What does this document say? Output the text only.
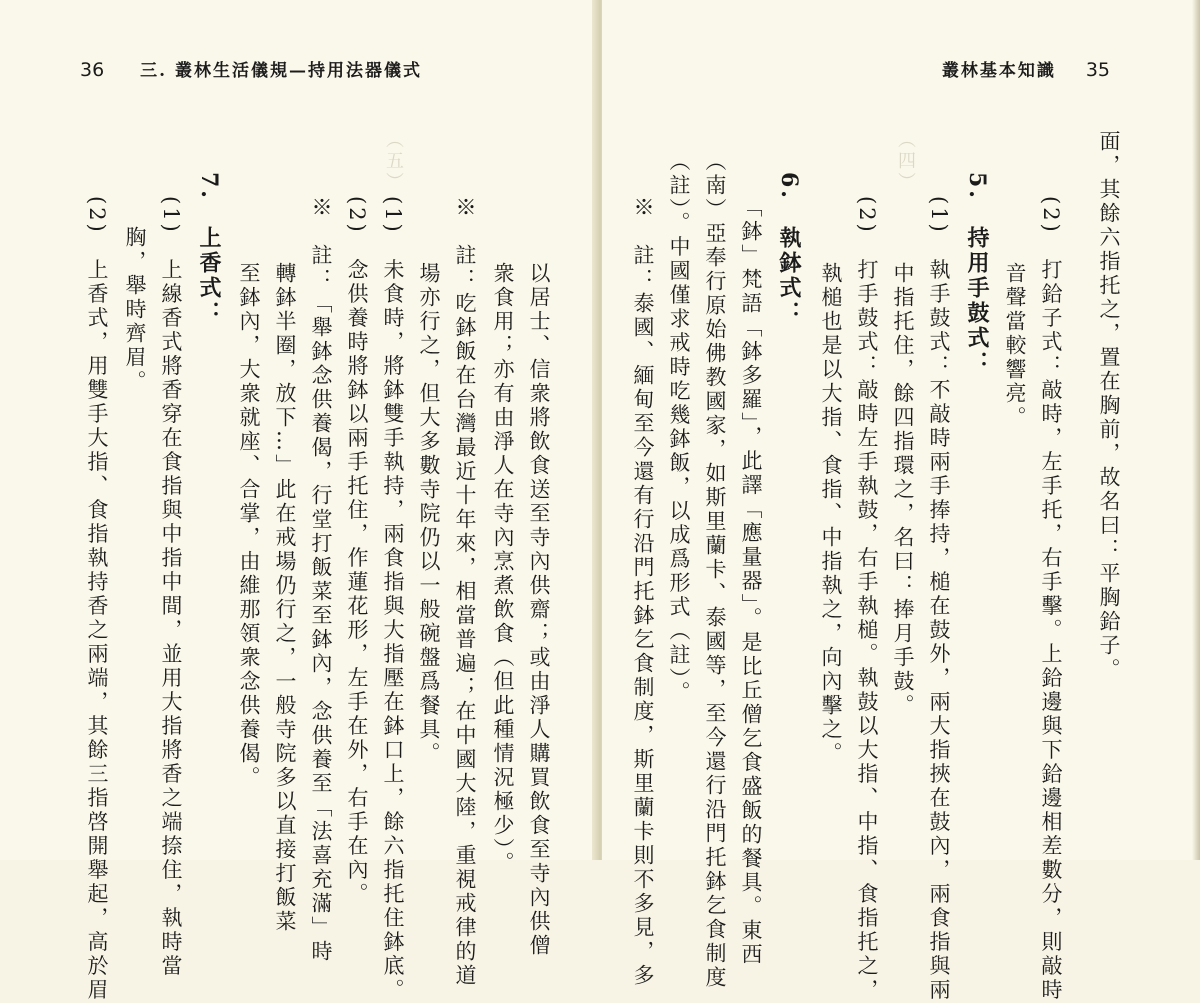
36 三. 叢林生活儀規—持用法器儀式
（五）
以居士、信衆將飲食送至寺內供齋；或由淨人購買飲食至寺內供僧
衆食用；亦有由淨人在寺內烹煮飲食（但此種情況極少）。
※　註：吃鉢飯在台灣最近十年來，相當普遍；在中國大陸，重視戒律的道
場亦行之，但大多數寺院仍以一般碗盤爲餐具。
(1)　未食時，將鉢雙手執持，兩食指與大指壓在鉢口上，餘六指托住鉢底。
(2)　念供養時將鉢以兩手托住，作蓮花形，左手在外，右手在內。
※　註：「舉鉢念供養偈，行堂打飯菜至鉢內，念供養至「法喜充滿」時
轉鉢半圈，放下…」此在戒場仍行之，一般寺院多以直接打飯菜
至鉢內，大衆就座、合掌，由維那領衆念供養偈。
7.　上香式：
(1)　上線香式將香穿在食指與中指中間，並用大指將香之端捺住，執時當
胸，舉時齊眉。
(2)　上香式，用雙手大指、食指執持香之兩端，其餘三指啓開舉起，高於眉
叢林基本知識 35
（四）	面，其餘六指托之，置在胸前，故名曰：平胸鉿子。
(2)　打鉿子式：敲時，左手托，右手擊。上鉿邊與下鉿邊相差數分，則敲時
音聲當較響亮。
5.　持用手鼓式：
(1)　執手鼓式：不敲時兩手捧持，槌在鼓外，兩大指挾在鼓內，兩食指與兩
中指托住，餘四指環之，名曰：捧月手鼓。
(2)　打手鼓式：敲時左手執鼓，右手執槌。執鼓以大指、中指、食指托之，
執槌也是以大指、食指、中指執之，向內擊之。
6.　執鉢式：
「鉢」梵語「鉢多羅」，此譯「應量器」。是比丘僧乞食盛飯的餐具。東西
（南）亞奉行原始佛教國家，如斯里蘭卡、泰國等，至今還行沿門托鉢乞食制度
（註）。中國僅求戒時吃幾鉢飯，以成爲形式（註）。
※　註：泰國、緬甸至今還有行沿門托鉢乞食制度，斯里蘭卡則不多見，多
